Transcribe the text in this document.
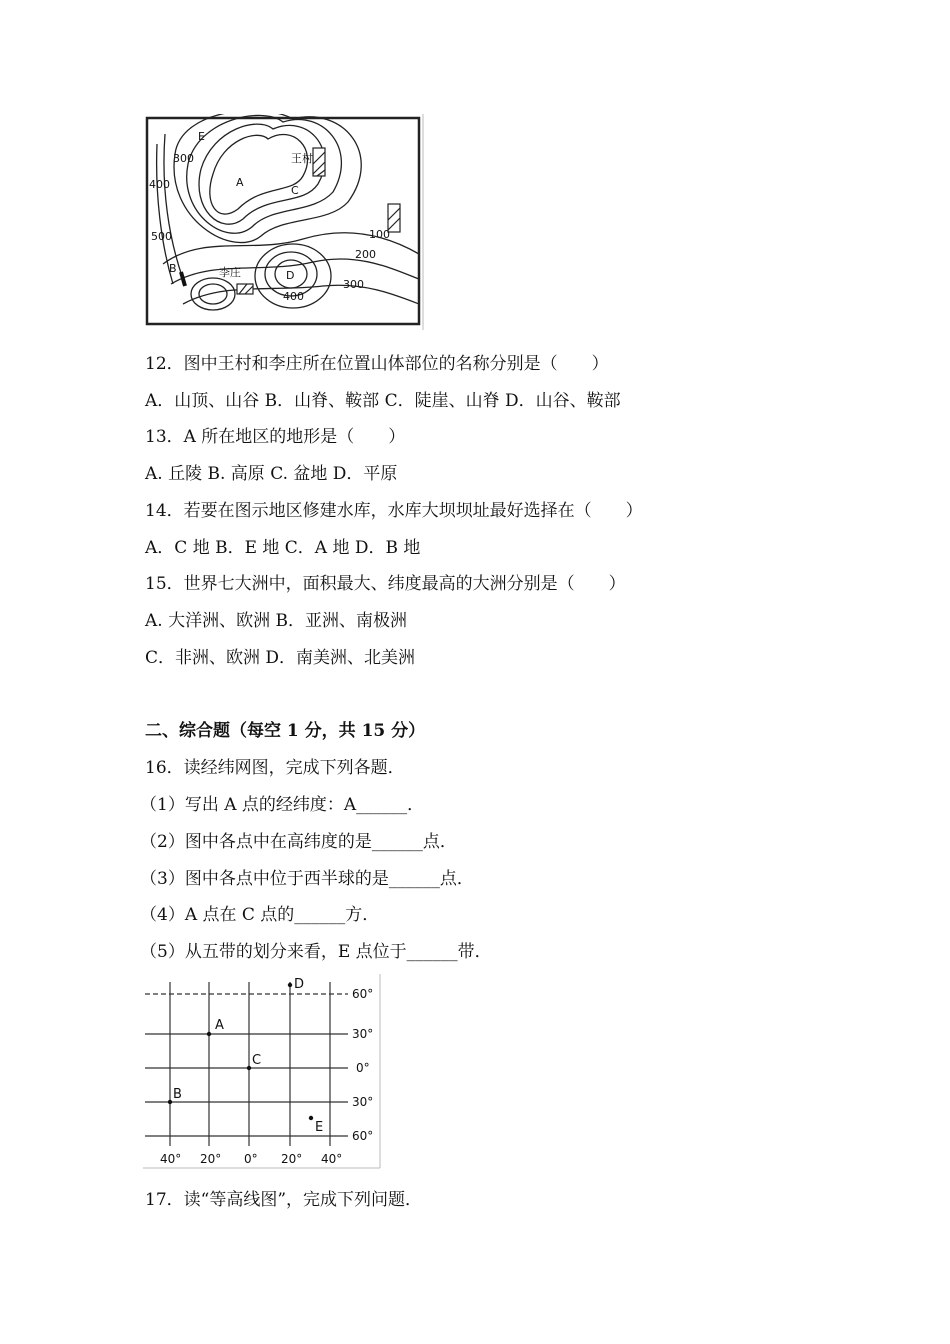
E
A
C
B
D
王村
李庄
300
400
500	100
200
300
400
12．图中王村和李庄所在位置山体部位的名称分别是（　　）
A．山顶、山谷 B．山脊、鞍部 C．陡崖、山脊 D．山谷、鞍部
13．A 所在地区的地形是（　　）
A. 丘陵 B. 高原 C. 盆地 D．平原
14．若要在图示地区修建水库，水库大坝坝址最好选择在（　　）
A．C 地 B．E 地 C．A 地 D．B 地
15．世界七大洲中，面积最大、纬度最高的大洲分别是（　　）
A. 大洋洲、欧洲 B．亚洲、南极洲
C．非洲、欧洲 D．南美洲、北美洲
二、综合题（每空 1 分，共 15 分）
16．读经纬网图，完成下列各题．
（1）写出 A 点的经纬度：A______．
（2）图中各点中在高纬度的是______点．
（3）图中各点中位于西半球的是______点．
（4）A 点在 C 点的______方．
（5）从五带的划分来看，E 点位于______带．
A
B
C
D
E
60°
30°
0°
30°
60°
40° 20° 0° 20° 40°
17．读“等高线图”，完成下列问题．
